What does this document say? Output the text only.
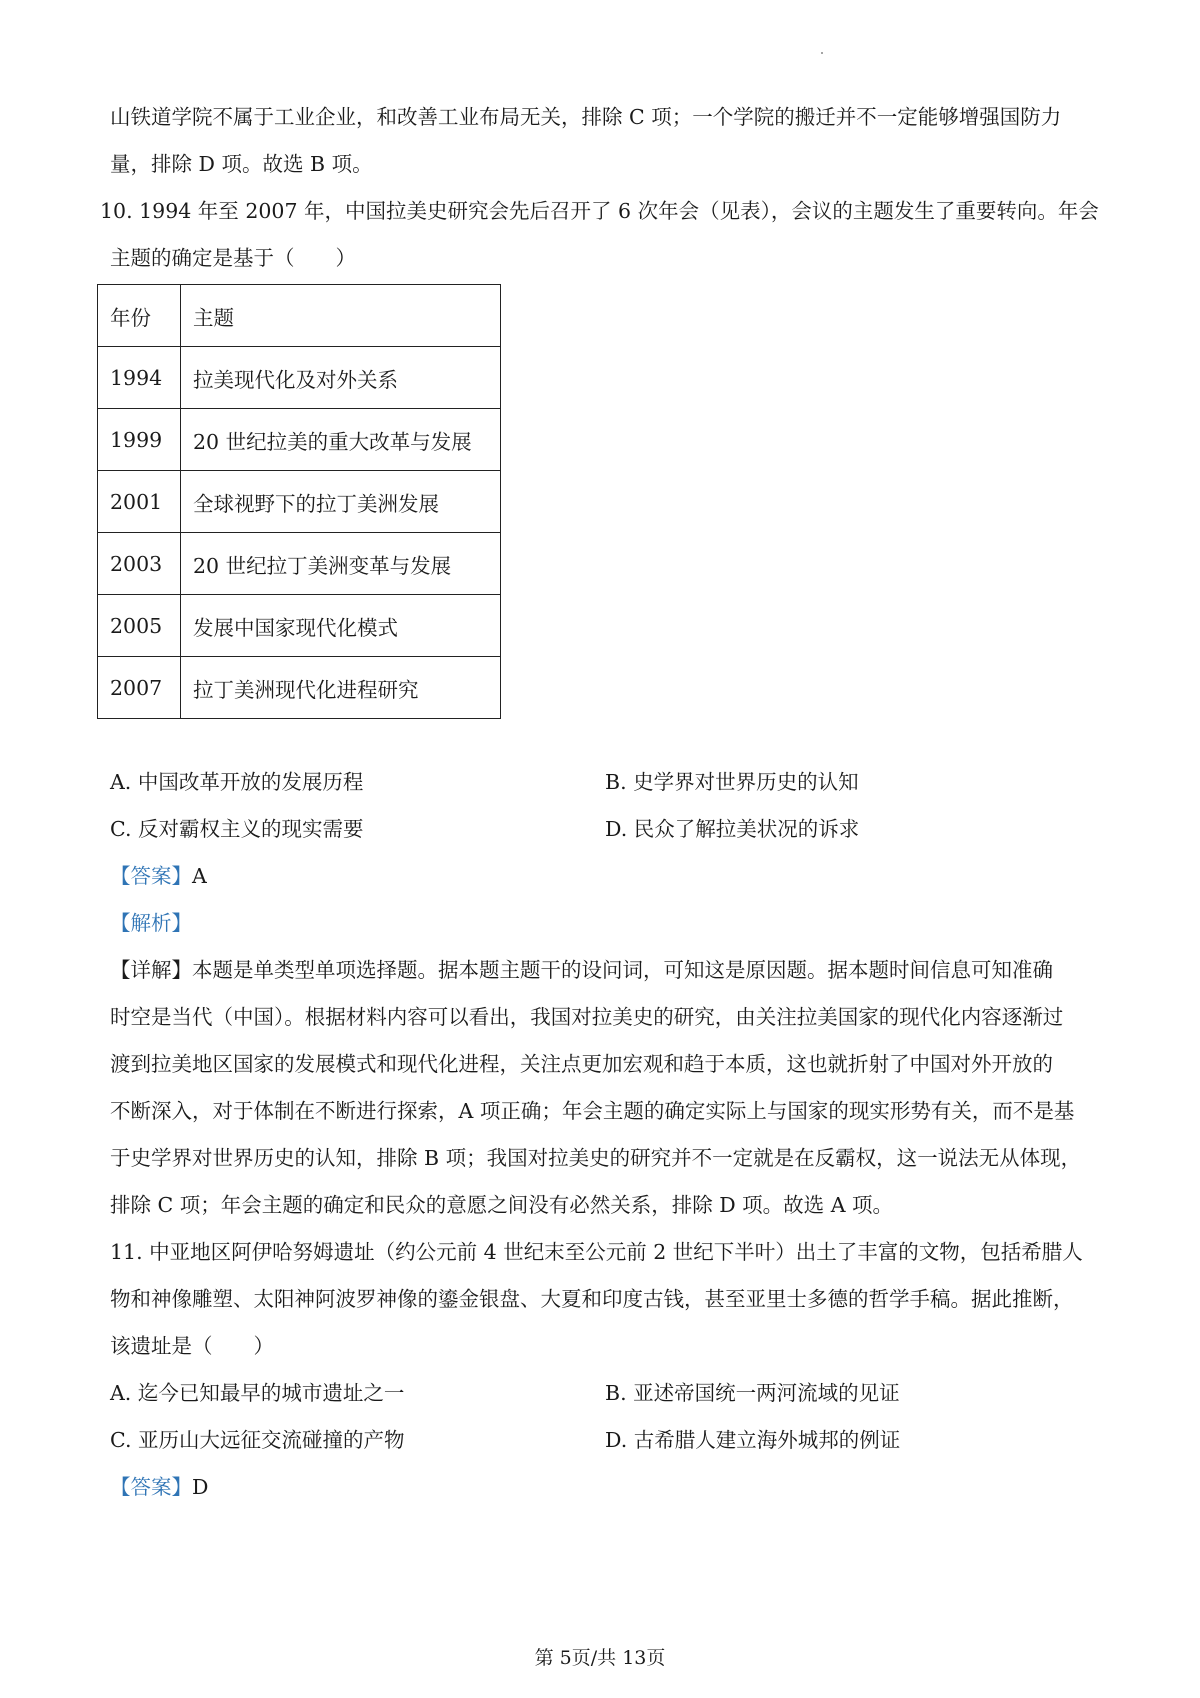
山铁道学院不属于工业企业，和改善工业布局无关，排除 C 项；一个学院的搬迁并不一定能够增强国防力
量，排除 D 项。故选 B 项。
10. 1994 年至 2007 年，中国拉美史研究会先后召开了 6 次年会（见表），会议的主题发生了重要转向。年会
主题的确定是基于（　　）
年份	主题
1994	拉美现代化及对外关系
1999	20 世纪拉美的重大改革与发展
2001	全球视野下的拉丁美洲发展
2003	20 世纪拉丁美洲变革与发展
2005	发展中国家现代化模式
2007	拉丁美洲现代化进程研究
A. 中国改革开放的发展历程	B. 史学界对世界历史的认知
C. 反对霸权主义的现实需要	D. 民众了解拉美状况的诉求
【答案】A
【解析】
【详解】本题是单类型单项选择题。据本题主题干的设问词，可知这是原因题。据本题时间信息可知准确
时空是当代（中国）。根据材料内容可以看出，我国对拉美史的研究，由关注拉美国家的现代化内容逐渐过
渡到拉美地区国家的发展模式和现代化进程，关注点更加宏观和趋于本质，这也就折射了中国对外开放的
不断深入，对于体制在不断进行探索，A 项正确；年会主题的确定实际上与国家的现实形势有关，而不是基
于史学界对世界历史的认知，排除 B 项；我国对拉美史的研究并不一定就是在反霸权，这一说法无从体现，
排除 C 项；年会主题的确定和民众的意愿之间没有必然关系，排除 D 项。故选 A 项。
11. 中亚地区阿伊哈努姆遗址（约公元前 4 世纪末至公元前 2 世纪下半叶）出土了丰富的文物，包括希腊人
物和神像雕塑、太阳神阿波罗神像的鎏金银盘、大夏和印度古钱，甚至亚里士多德的哲学手稿。据此推断，
该遗址是（　　）
A. 迄今已知最早的城市遗址之一	B. 亚述帝国统一两河流域的见证
C. 亚历山大远征交流碰撞的产物	D. 古希腊人建立海外城邦的例证
【答案】D
第 5页/共 13页
